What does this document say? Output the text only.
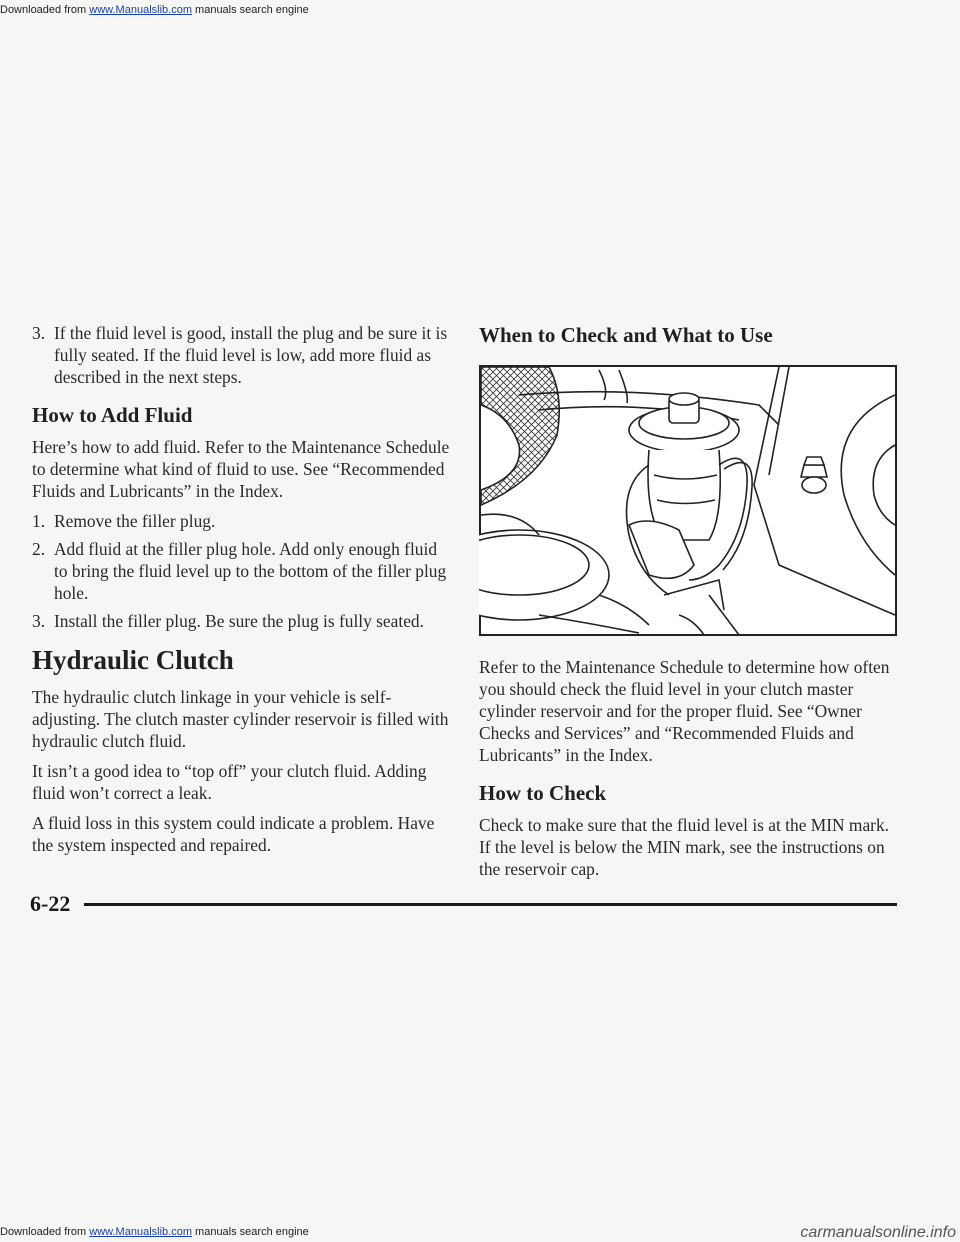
Downloaded from www.Manualslib.com manuals search engine
3. If the fluid level is good, install the plug and be sure it is fully seated. If the fluid level is low, add more fluid as described in the next steps.
How to Add Fluid

Here’s how to add fluid. Refer to the Maintenance Schedule to determine what kind of fluid to use. See “Recommended Fluids and Lubricants” in the Index.

1. Remove the filler plug.
2. Add fluid at the filler plug hole. Add only enough fluid to bring the fluid level up to the bottom of the filler plug hole.
3. Install the filler plug. Be sure the plug is fully seated.
Hydraulic Clutch

The hydraulic clutch linkage in your vehicle is self-adjusting. The clutch master cylinder reservoir is filled with hydraulic clutch fluid.

It isn’t a good idea to “top off” your clutch fluid. Adding fluid won’t correct a leak.

A fluid loss in this system could indicate a problem. Have the system inspected and repaired.

When to Check and What to Use

Refer to the Maintenance Schedule to determine how often you should check the fluid level in your clutch master cylinder reservoir and for the proper fluid. See “Owner Checks and Services” and “Recommended Fluids and Lubricants” in the Index.

How to Check

Check to make sure that the fluid level is at the MIN mark. If the level is below the MIN mark, see the instructions on the reservoir cap.

6-22
Downloaded from www.Manualslib.com manuals search engine	carmanualsonline.info
